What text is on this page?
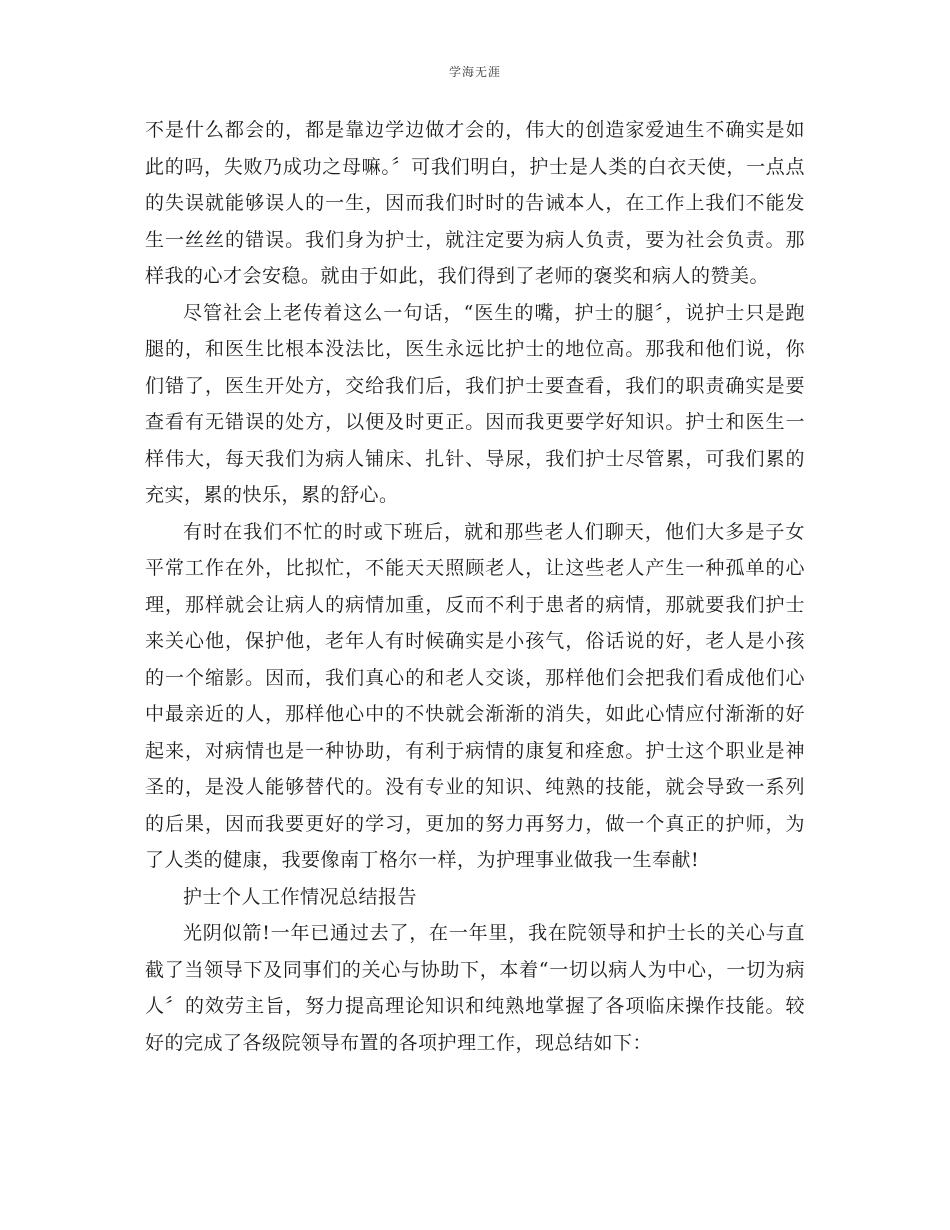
学海无涯

不是什么都会的，都是靠边学边做才会的，伟大的创造家爱迪生不确实是如此的吗，失败乃成功之母嘛。〞可我们明白，护士是人类的白衣天使，一点点的失误就能够误人的一生，因而我们时时的告诫本人，在工作上我们不能发生一丝丝的错误。我们身为护士，就注定要为病人负责，要为社会负责。那样我的心才会安稳。就由于如此，我们得到了老师的褒奖和病人的赞美。

尽管社会上老传着这么一句话，“医生的嘴，护士的腿〞，说护士只是跑腿的，和医生比根本没法比，医生永远比护士的地位高。那我和他们说，你们错了，医生开处方，交给我们后，我们护士要查看，我们的职责确实是要查看有无错误的处方，以便及时更正。因而我更要学好知识。护士和医生一样伟大，每天我们为病人铺床、扎针、导尿，我们护士尽管累，可我们累的充实，累的快乐，累的舒心。

有时在我们不忙的时或下班后，就和那些老人们聊天，他们大多是子女平常工作在外，比拟忙，不能天天照顾老人，让这些老人产生一种孤单的心理，那样就会让病人的病情加重，反而不利于患者的病情，那就要我们护士来关心他，保护他，老年人有时候确实是小孩气，俗话说的好，老人是小孩的一个缩影。因而，我们真心的和老人交谈，那样他们会把我们看成他们心中最亲近的人，那样他心中的不快就会渐渐的消失，如此心情应付渐渐的好起来，对病情也是一种协助，有利于病情的康复和痊愈。护士这个职业是神圣的，是没人能够替代的。没有专业的知识、纯熟的技能，就会导致一系列的后果，因而我要更好的学习，更加的努力再努力，做一个真正的护师，为了人类的健康，我要像南丁格尔一样，为护理事业做我一生奉献!

护士个人工作情况总结报告

光阴似箭!一年已通过去了，在一年里，我在院领导和护士长的关心与直截了当领导下及同事们的关心与协助下，本着“一切以病人为中心，一切为病人〞的效劳主旨，努力提高理论知识和纯熟地掌握了各项临床操作技能。较好的完成了各级院领导布置的各项护理工作，现总结如下：
